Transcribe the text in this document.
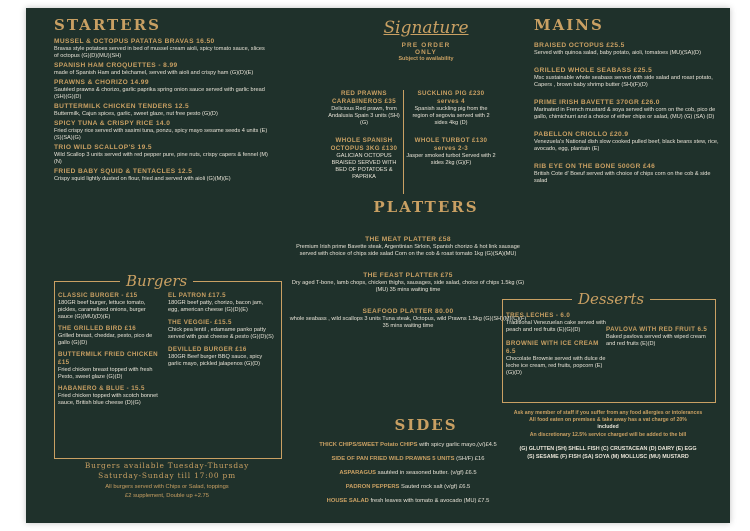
STARTERS
MUSSEL & OCTOPUS PATATAS BRAVAS 16.50
Bravas style potatoes served in bed of mussel cream aioli, spicy tomato sauce, slices of octopus (G)(D)(MU)(SH)
SPANISH HAM CROQUETTES - 8.99
made of Spanish Ham and béchamel, served with aioli and crispy ham (G)(D)(E)
PRAWNS & CHORIZO 14.99
Sautéed prawns & chorizo, garlic paprika spring onion sauce served with garlic bread (SH)(G)(D)
BUTTERMILK CHICKEN TENDERS 12.5
Buttermilk, Cajun spices, garlic, sweet glaze, nut free pesto (G)(D)
SPICY TUNA & CRISPY RICE 14.0
Fried crispy rice served with sasimi tuna, ponzu, spicy mayo sesame seeds 4 units (E)(S)(SA)(G)
TRIO WILD SCALLOP'S 19.5
Wild Scallop 3 units served with red pepper pure, pine nuts, crispy capers & fennel (M)(N)
FRIED BABY SQUID & TENTACLES 12.5
Crispy squid lightly dusted on flour, fried and served with aioli (G)(M)(E)
Burgers
CLASSIC BURGER - £15
180GR beef burger, lettuce tomato, pickles, caramelized onions, burger sauce (G)(MU)(D)(E)
THE GRILLED BIRD £16
Grilled breast, cheddar, pesto, pico de gallo (G)(D)
BUTTERMILK FRIED CHICKEN £15
Fried chicken breast topped with fresh Pesto, sweet glaze (G)(D)
HABANERO & BLUE - 15.5
Fried chicken topped with scotch bonnet sauce, British blue cheese (D)(G)
EL PATRON £17.5
180GR beef patty, chorizo, bacon jam, egg, american cheese (G)(D)(E)
THE VEGGIE- £15.5
Chick pea lentil , edamame panko patty served with goat cheese & pesto (G)(D)(S)
DEVILLED BURGER £16
180GR Beef burger BBQ sauce, spicy garlic mayo, pickled jalapenos (G)(D)
Burgers available Tuesday-Thursday
Saturday-Sunday till 17:00 pm
All burgers served with Chips or Salad, toppings
£2 supplement, Double up +2.75
Signature
PRE ORDER
ONLY
Subject to availability
RED PRAWNS CARABINEROS £35
Delicious Red prawn, from Andalusia Spain 3 units (SH)(G)
WHOLE SPANISH OCTOPUS 3KG £130
GALICIAN OCTOPUS BRAISED SERVED WITH BED OF POTATOES & PAPRIKA
SUCKLING PIG £230 serves 4
Spanish suckling pig from the region of segovia served with 2 sides 4kg (D)
WHOLE TURBOT £130 serves 2-3
Jasper smoked turbot Served with 2 sides 2kg (G)(F)
PLATTERS
THE MEAT PLATTER £58
Premium Irish prime Bavette steak, Argentinian Sirloin, Spanish chorizo & hot link sausage served with choice of chips side salad Corn on the cob & roast tomato 1kg (G)(SA)(MU)
THE FEAST PLATTER £75
Dry aged T-bone, lamb chops, chicken thighs, sausages, side salad, choice of chips 1.5kg (G)(MU) 35 mins waiting time
SEAFOOD PLATTER 80.00
whole seabass , wild scallops 3 units Tuna steak, Octopus, wild Prawns 1.5kg (G)(SH)(M)(C)(F) 35 mins waiting time
SIDES
THICK CHIPS/SWEET Potato CHIPS with spicy garlic mayo,(v/)£4.5
SIDE OF PAN FRIED WILD PRAWNS 5 UNITS (SH/F) £16
ASPARAGUS sautéed in seasoned butter. (v/gf) £6.5
PADRON PEPPERS Sauted rock salt (v/gf) £6.5
HOUSE SALAD fresh leaves with tomato & avocado (MU) £7.5
MAINS
BRAISED OCTOPUS £25.5
Served with quinoa salad, baby potato, aioli, tomatoes (MU)(SA)(D)
GRILLED WHOLE SEABASS £25.5
Msc sustainable whole seabass served with side salad and roast potato, Capers , brown baby shrimp butter (SH)(F)(D)
PRIME IRISH BAVETTE 370GR £26.0
Marinated in French mustard & soya served with corn on the cob, pico de gallo, chimichurri and a choice of either chips or salad, (MU) (G) (SA) (D)
PABELLON CRIOLLO £20.9
Venezuela's National dish slow cooked pulled beef, black beans stew, rice, avocado, egg, plantain (E)
RIB EYE ON THE BONE 500GR £46
British Cote d' Boeuf served with choice of chips corn on the cob & side salad
Desserts
TRES LECHES - 6.0
Traditional Venezuelan cake served with peach and red fruits (E)(G)(D)
BROWNIE WITH ICE CREAM 6.5
Chocolate Brownie served with dulce de leche ice cream, red fruits, popcorn (E)(G)(D)
PAVLOVA WITH RED FRUIT 6.5
Baked pavlova served with wiped cream and red fruits (E)(D)
Ask any member of staff if you suffer from any food allergies or intolerances
All food eaten on premises & take away has a vat charge of 20%
included
An discretionary 12.5% service charged will be added to the bill
(G) GLUTTEN (SH) SHELL FISH (C) CRUSTACEAN (D) DAIRY (E) EGG
(S) SESAME (F) FISH (SA) SOYA (M) MOLLUSC (MU) MUSTARD
